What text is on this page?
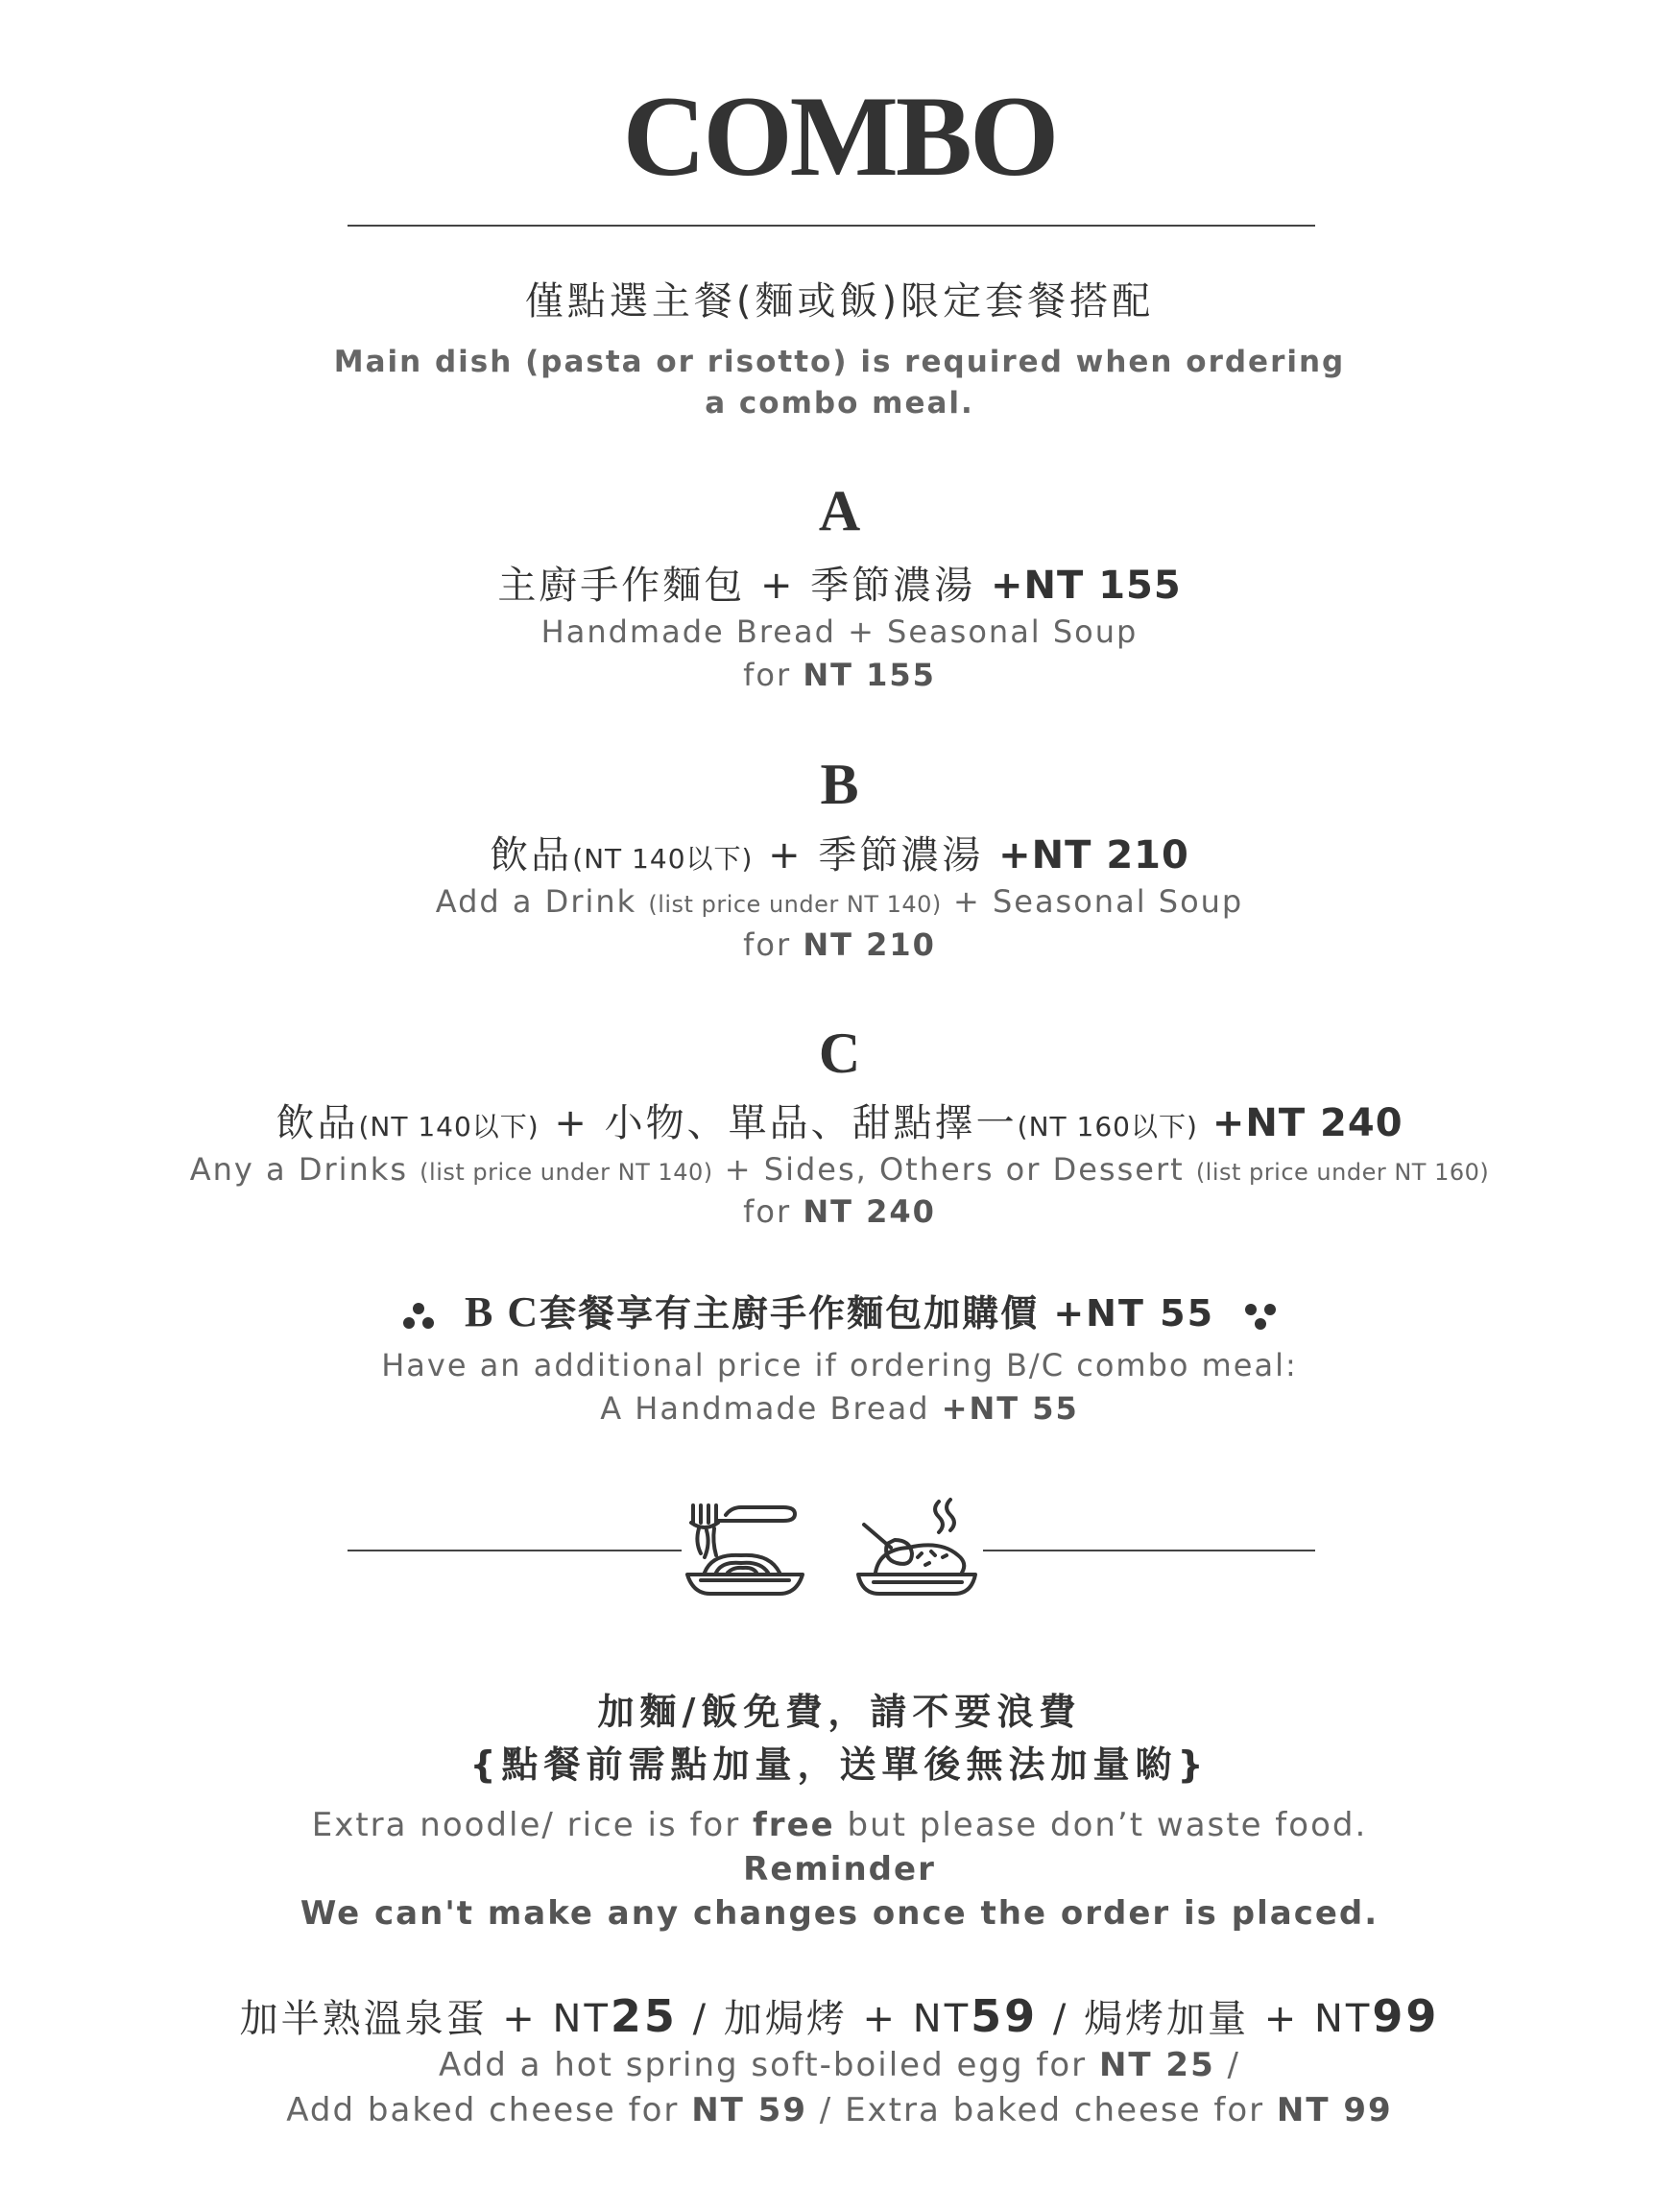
COMBO
僅點選主餐(麵或飯)限定套餐搭配
Main dish (pasta or risotto) is required when ordering
a combo meal.
A
主廚手作麵包 + 季節濃湯 +NT 155
Handmade Bread + Seasonal Soup
for NT 155
B
飲品(NT 140以下) + 季節濃湯 +NT 210
Add a Drink (list price under NT 140) + Seasonal Soup
for NT 210
C
飲品(NT 140以下) + 小物、單品、甜點擇一(NT 160以下) +NT 240
Any a Drinks (list price under NT 140) + Sides, Others or Dessert (list price under NT 160)
for NT 240
B C套餐享有主廚手作麵包加購價 +NT 55
Have an additional price if ordering B/C combo meal:
A Handmade Bread +NT 55
加麵/飯免費，請不要浪費
{點餐前需點加量，送單後無法加量喲}
Extra noodle/ rice is for free but please don’t waste food.
Reminder
We can't make any changes once the order is placed.
加半熟溫泉蛋 + NT25 / 加焗烤 + NT59 / 焗烤加量 + NT99
Add a hot spring soft-boiled egg for NT 25 /
Add baked cheese for NT 59 / Extra baked cheese for NT 99
